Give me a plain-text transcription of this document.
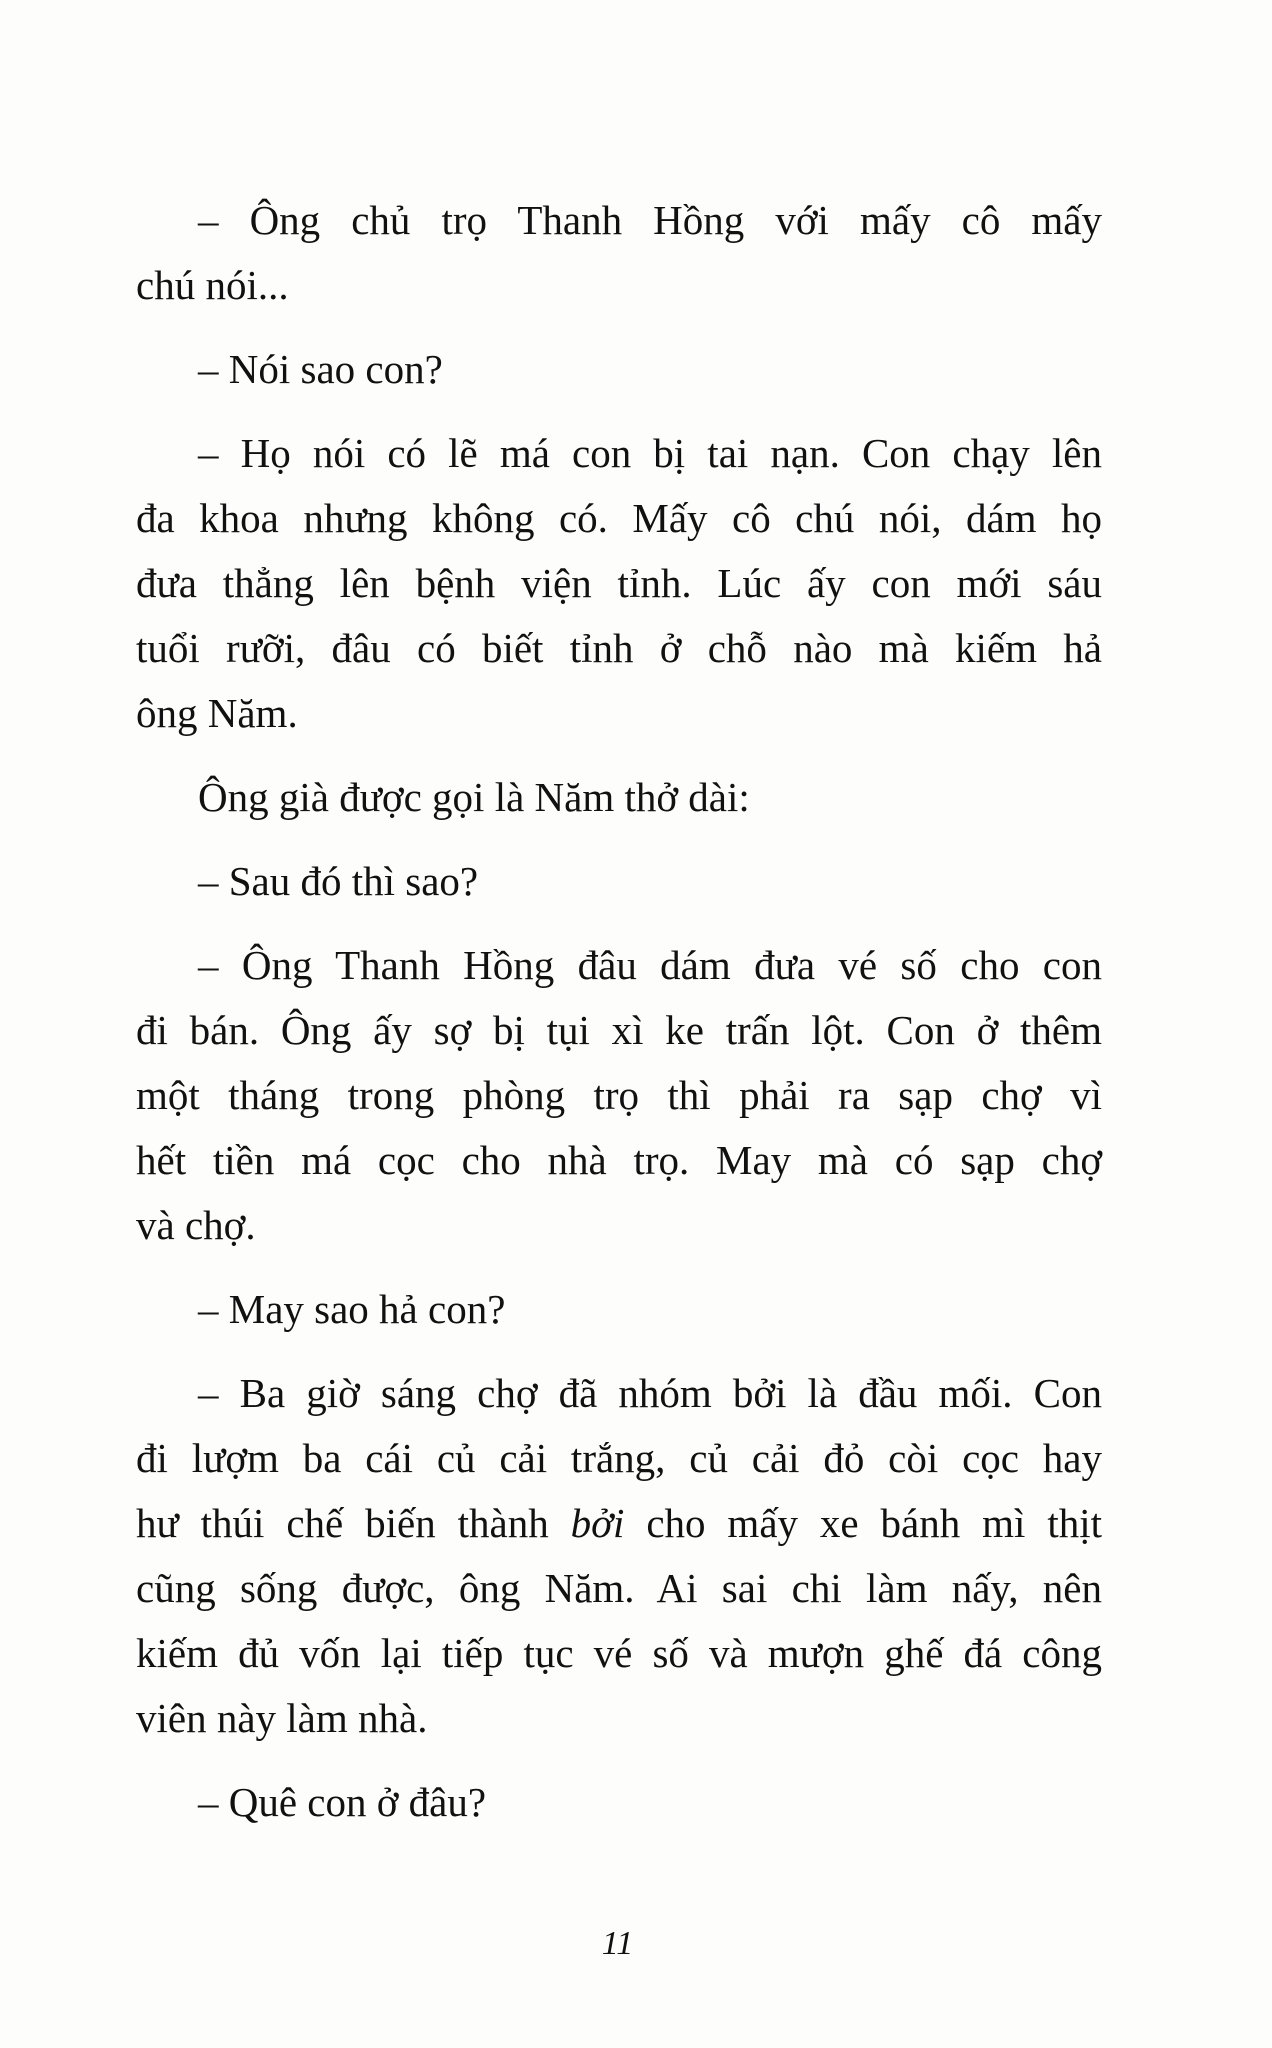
– Ông chủ trọ Thanh Hồng với mấy cô mấy
chú nói...
– Nói sao con?
– Họ nói có lẽ má con bị tai nạn. Con chạy lên
đa khoa nhưng không có. Mấy cô chú nói, dám họ
đưa thẳng lên bệnh viện tỉnh. Lúc ấy con mới sáu
tuổi rưỡi, đâu có biết tỉnh ở chỗ nào mà kiếm hả
ông Năm.
Ông già được gọi là Năm thở dài:
– Sau đó thì sao?
– Ông Thanh Hồng đâu dám đưa vé số cho con
đi bán. Ông ấy sợ bị tụi xì ke trấn lột. Con ở thêm
một tháng trong phòng trọ thì phải ra sạp chợ vì
hết tiền má cọc cho nhà trọ. May mà có sạp chợ
và chợ.
– May sao hả con?
– Ba giờ sáng chợ đã nhóm bởi là đầu mối. Con
đi lượm ba cái củ cải trắng, củ cải đỏ còi cọc hay
hư thúi chế biến thành bởi cho mấy xe bánh mì thịt
cũng sống được, ông Năm. Ai sai chi làm nấy, nên
kiếm đủ vốn lại tiếp tục vé số và mượn ghế đá công
viên này làm nhà.
– Quê con ở đâu?
11
